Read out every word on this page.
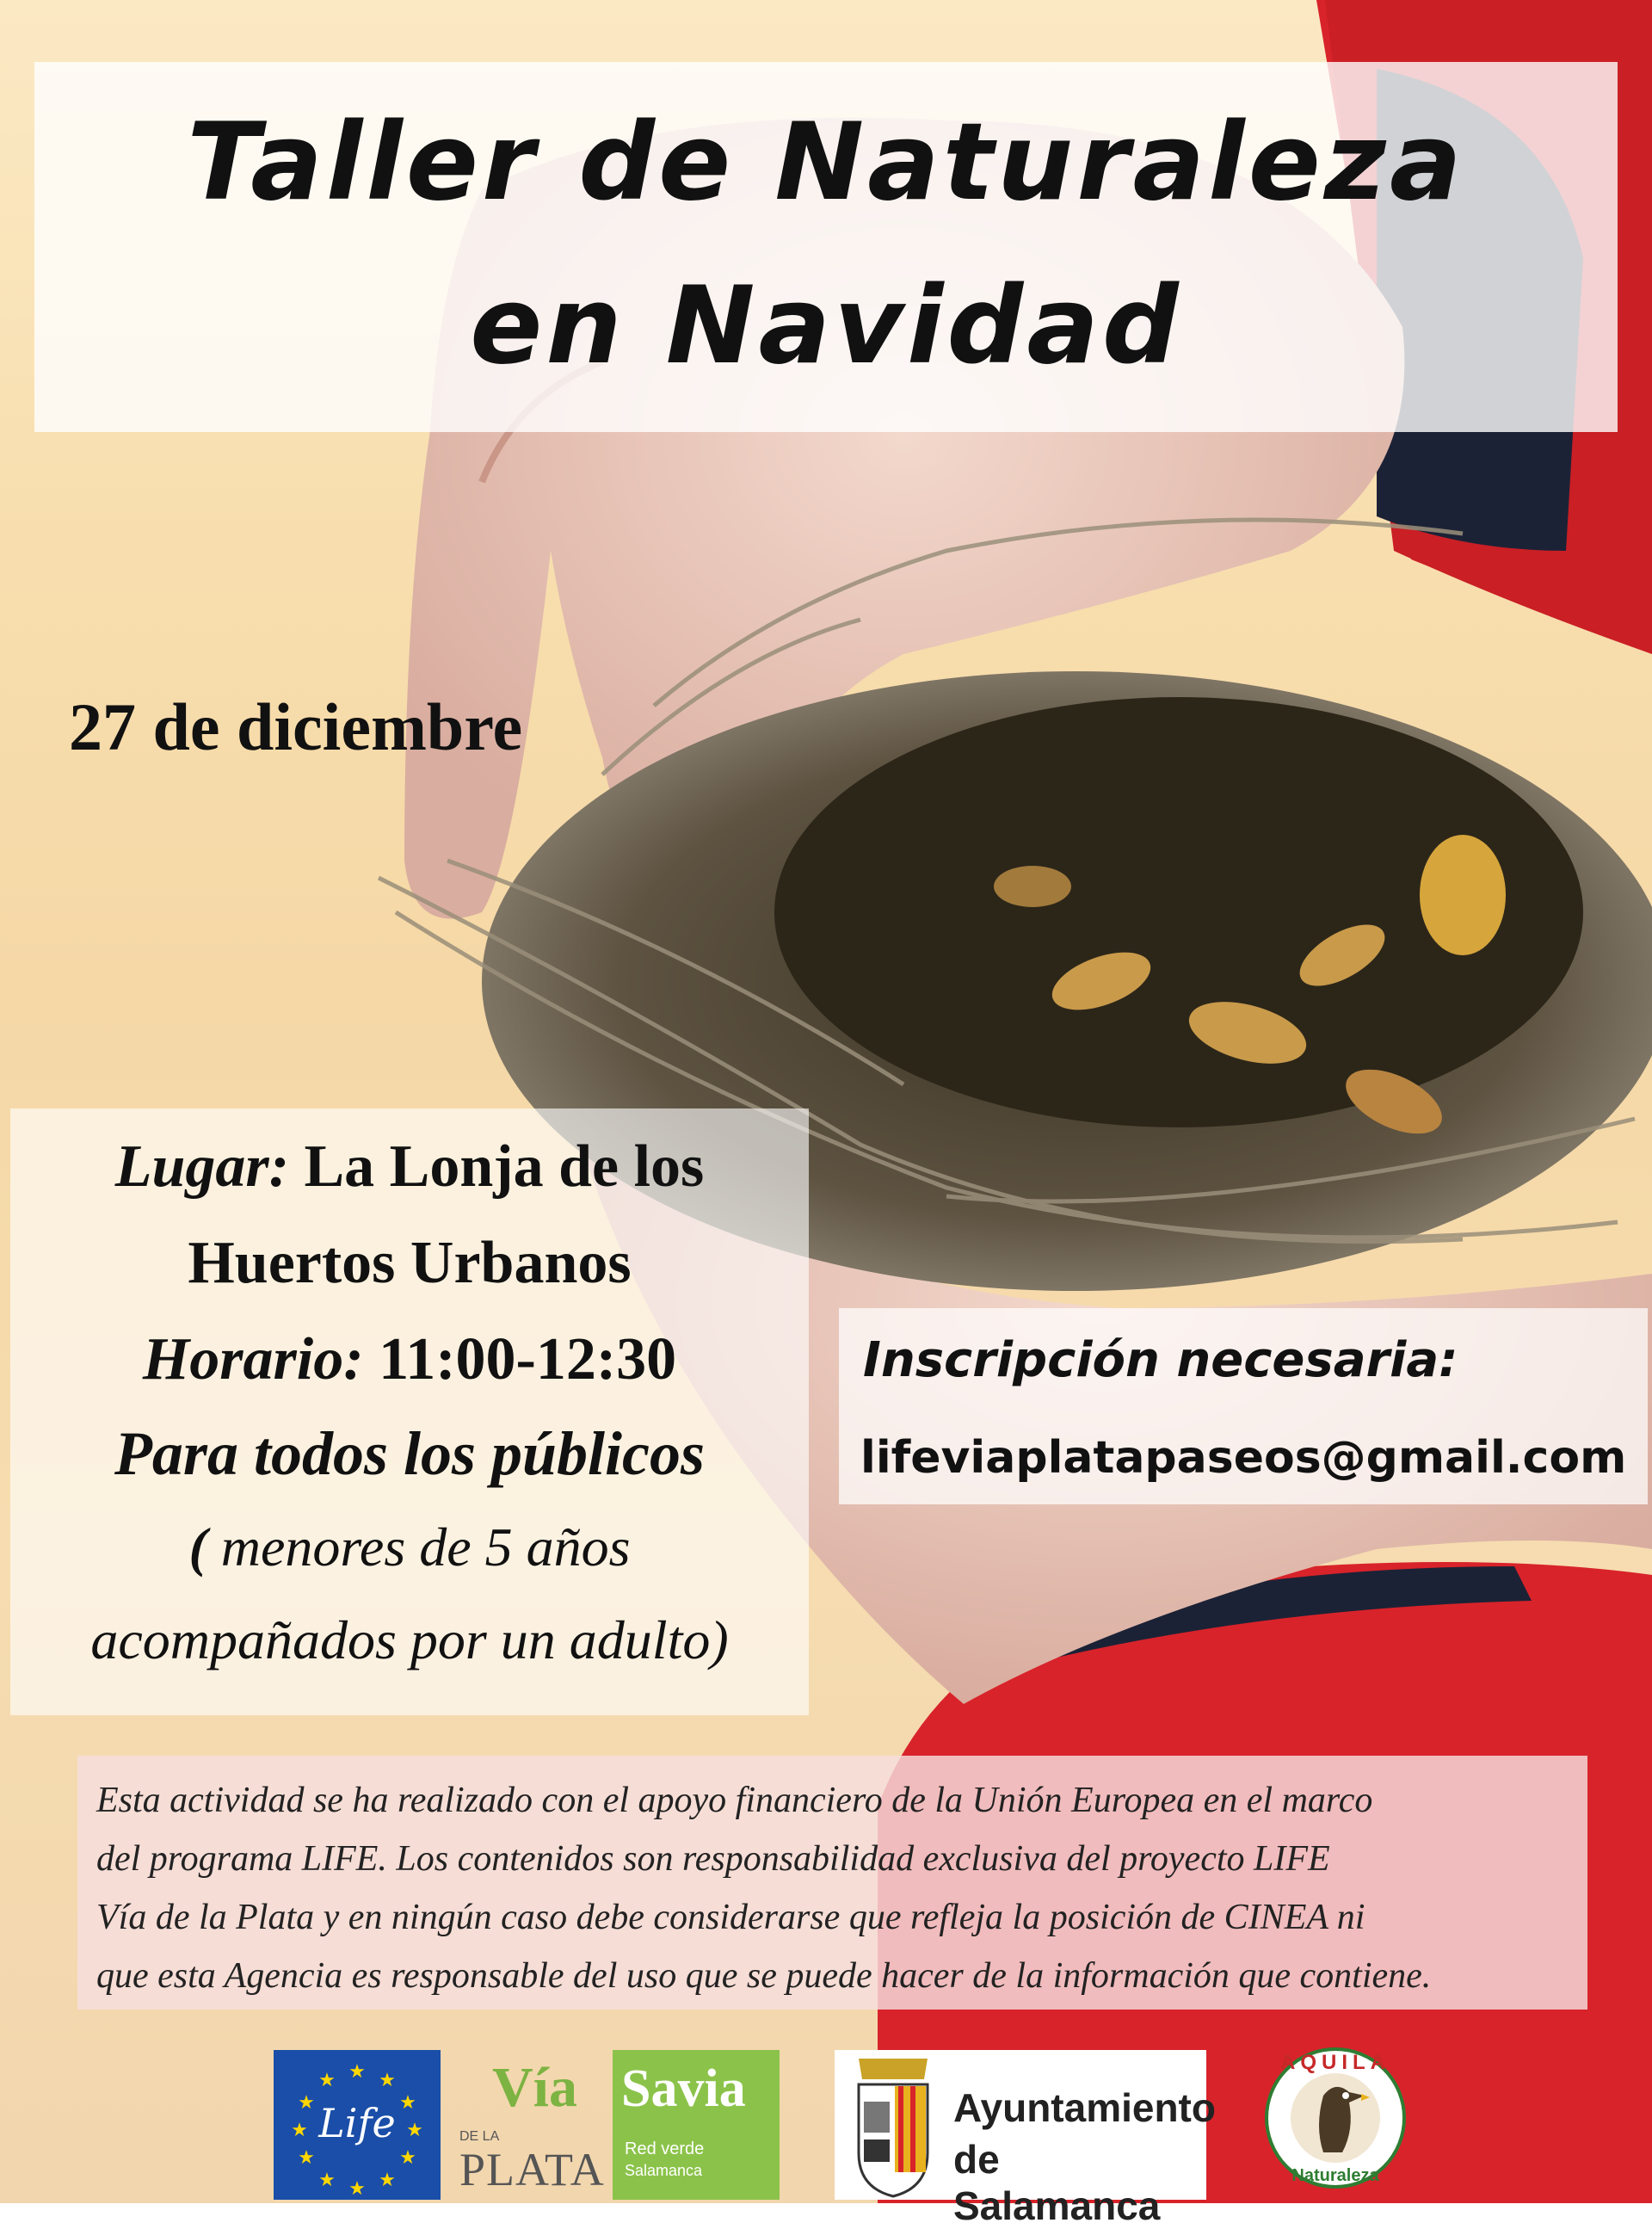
Taller de Naturaleza
en Navidad
27 de diciembre
Lugar: La Lonja de los
Huertos Urbanos
Horario: 11:00-12:30
Para todos los públicos
( menores de 5 años
acompañados por un adulto)
Inscripción necesaria:
lifeviaplatapaseos@gmail.com
Esta actividad se ha realizado con el apoyo financiero de la Unión Europea en el marco
del programa LIFE. Los contenidos son responsabilidad exclusiva del proyecto LIFE
Vía de la Plata y en ningún caso debe considerarse que refleja la posición de CINEA ni
que esta Agencia es responsable del uso que se puede hacer de la información que contiene.
★ ★
★
★
★
★
★
★
★
★
★
★
Life
Vía
DE LA
PLATA
Savia
Red verde
Salamanca
Ayuntamiento
de Salamanca
AQUILA
Naturaleza
